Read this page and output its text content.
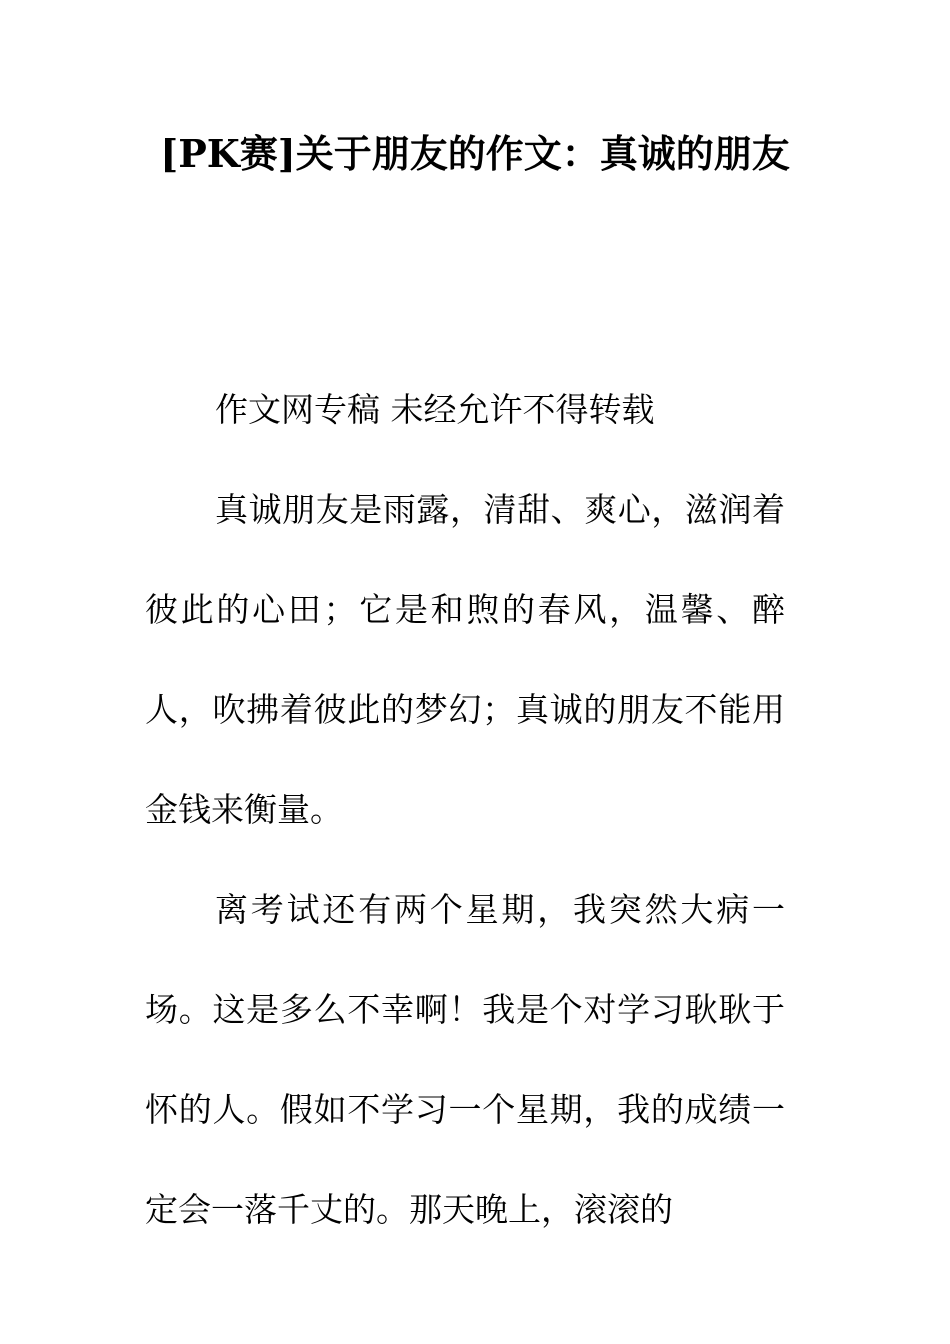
[PK赛]关于朋友的作文：真诚的朋友

作文网专稿 未经允许不得转载

真诚朋友是雨露，清甜、爽心，滋润着彼此的心田；它是和煦的春风，温馨、醉人，吹拂着彼此的梦幻；真诚的朋友不能用金钱来衡量。

离考试还有两个星期，我突然大病一场。这是多么不幸啊！我是个对学习耿耿于怀的人。假如不学习一个星期，我的成绩一定会一落千丈的。那天晚上，滚滚的
